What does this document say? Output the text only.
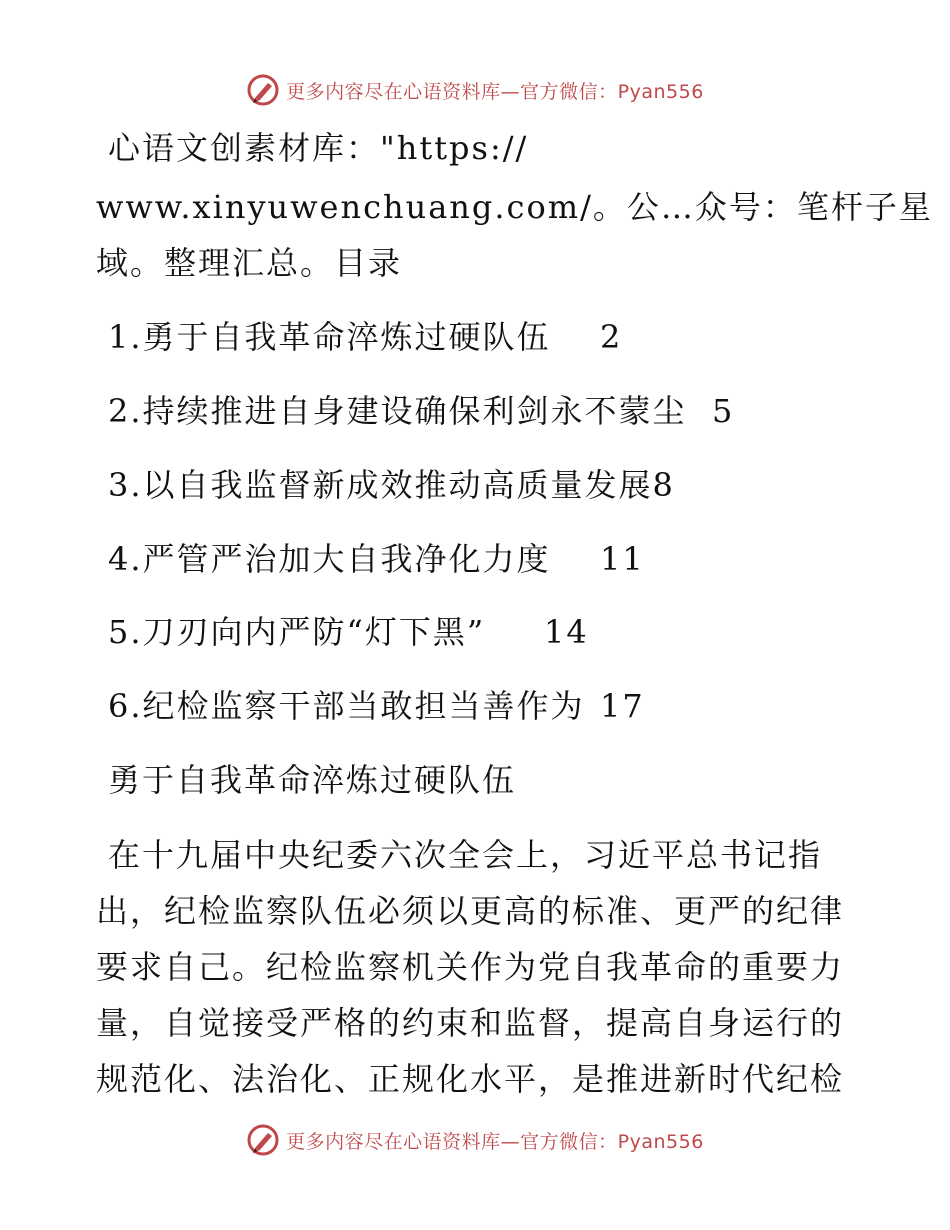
更多内容尽在心语资料库—官方微信：Pyan556
心语文创素材库："https://
www.xinyuwenchuang.com/。公…众号：笔杆子星
域。整理汇总。目录
1.勇于自我革命淬炼过硬队伍 2
2.持续推进自身建设确保利剑永不蒙尘 5
3.以自我监督新成效推动高质量发展8
4.严管严治加大自我净化力度 11
5.刀刃向内严防“灯下黑” 14
6.纪检监察干部当敢担当善作为 17
勇于自我革命淬炼过硬队伍
在十九届中央纪委六次全会上，习近平总书记指
出，纪检监察队伍必须以更高的标准、更严的纪律
要求自己。纪检监察机关作为党自我革命的重要力
量，自觉接受严格的约束和监督，提高自身运行的
规范化、法治化、正规化水平，是推进新时代纪检
更多内容尽在心语资料库—官方微信：Pyan556
